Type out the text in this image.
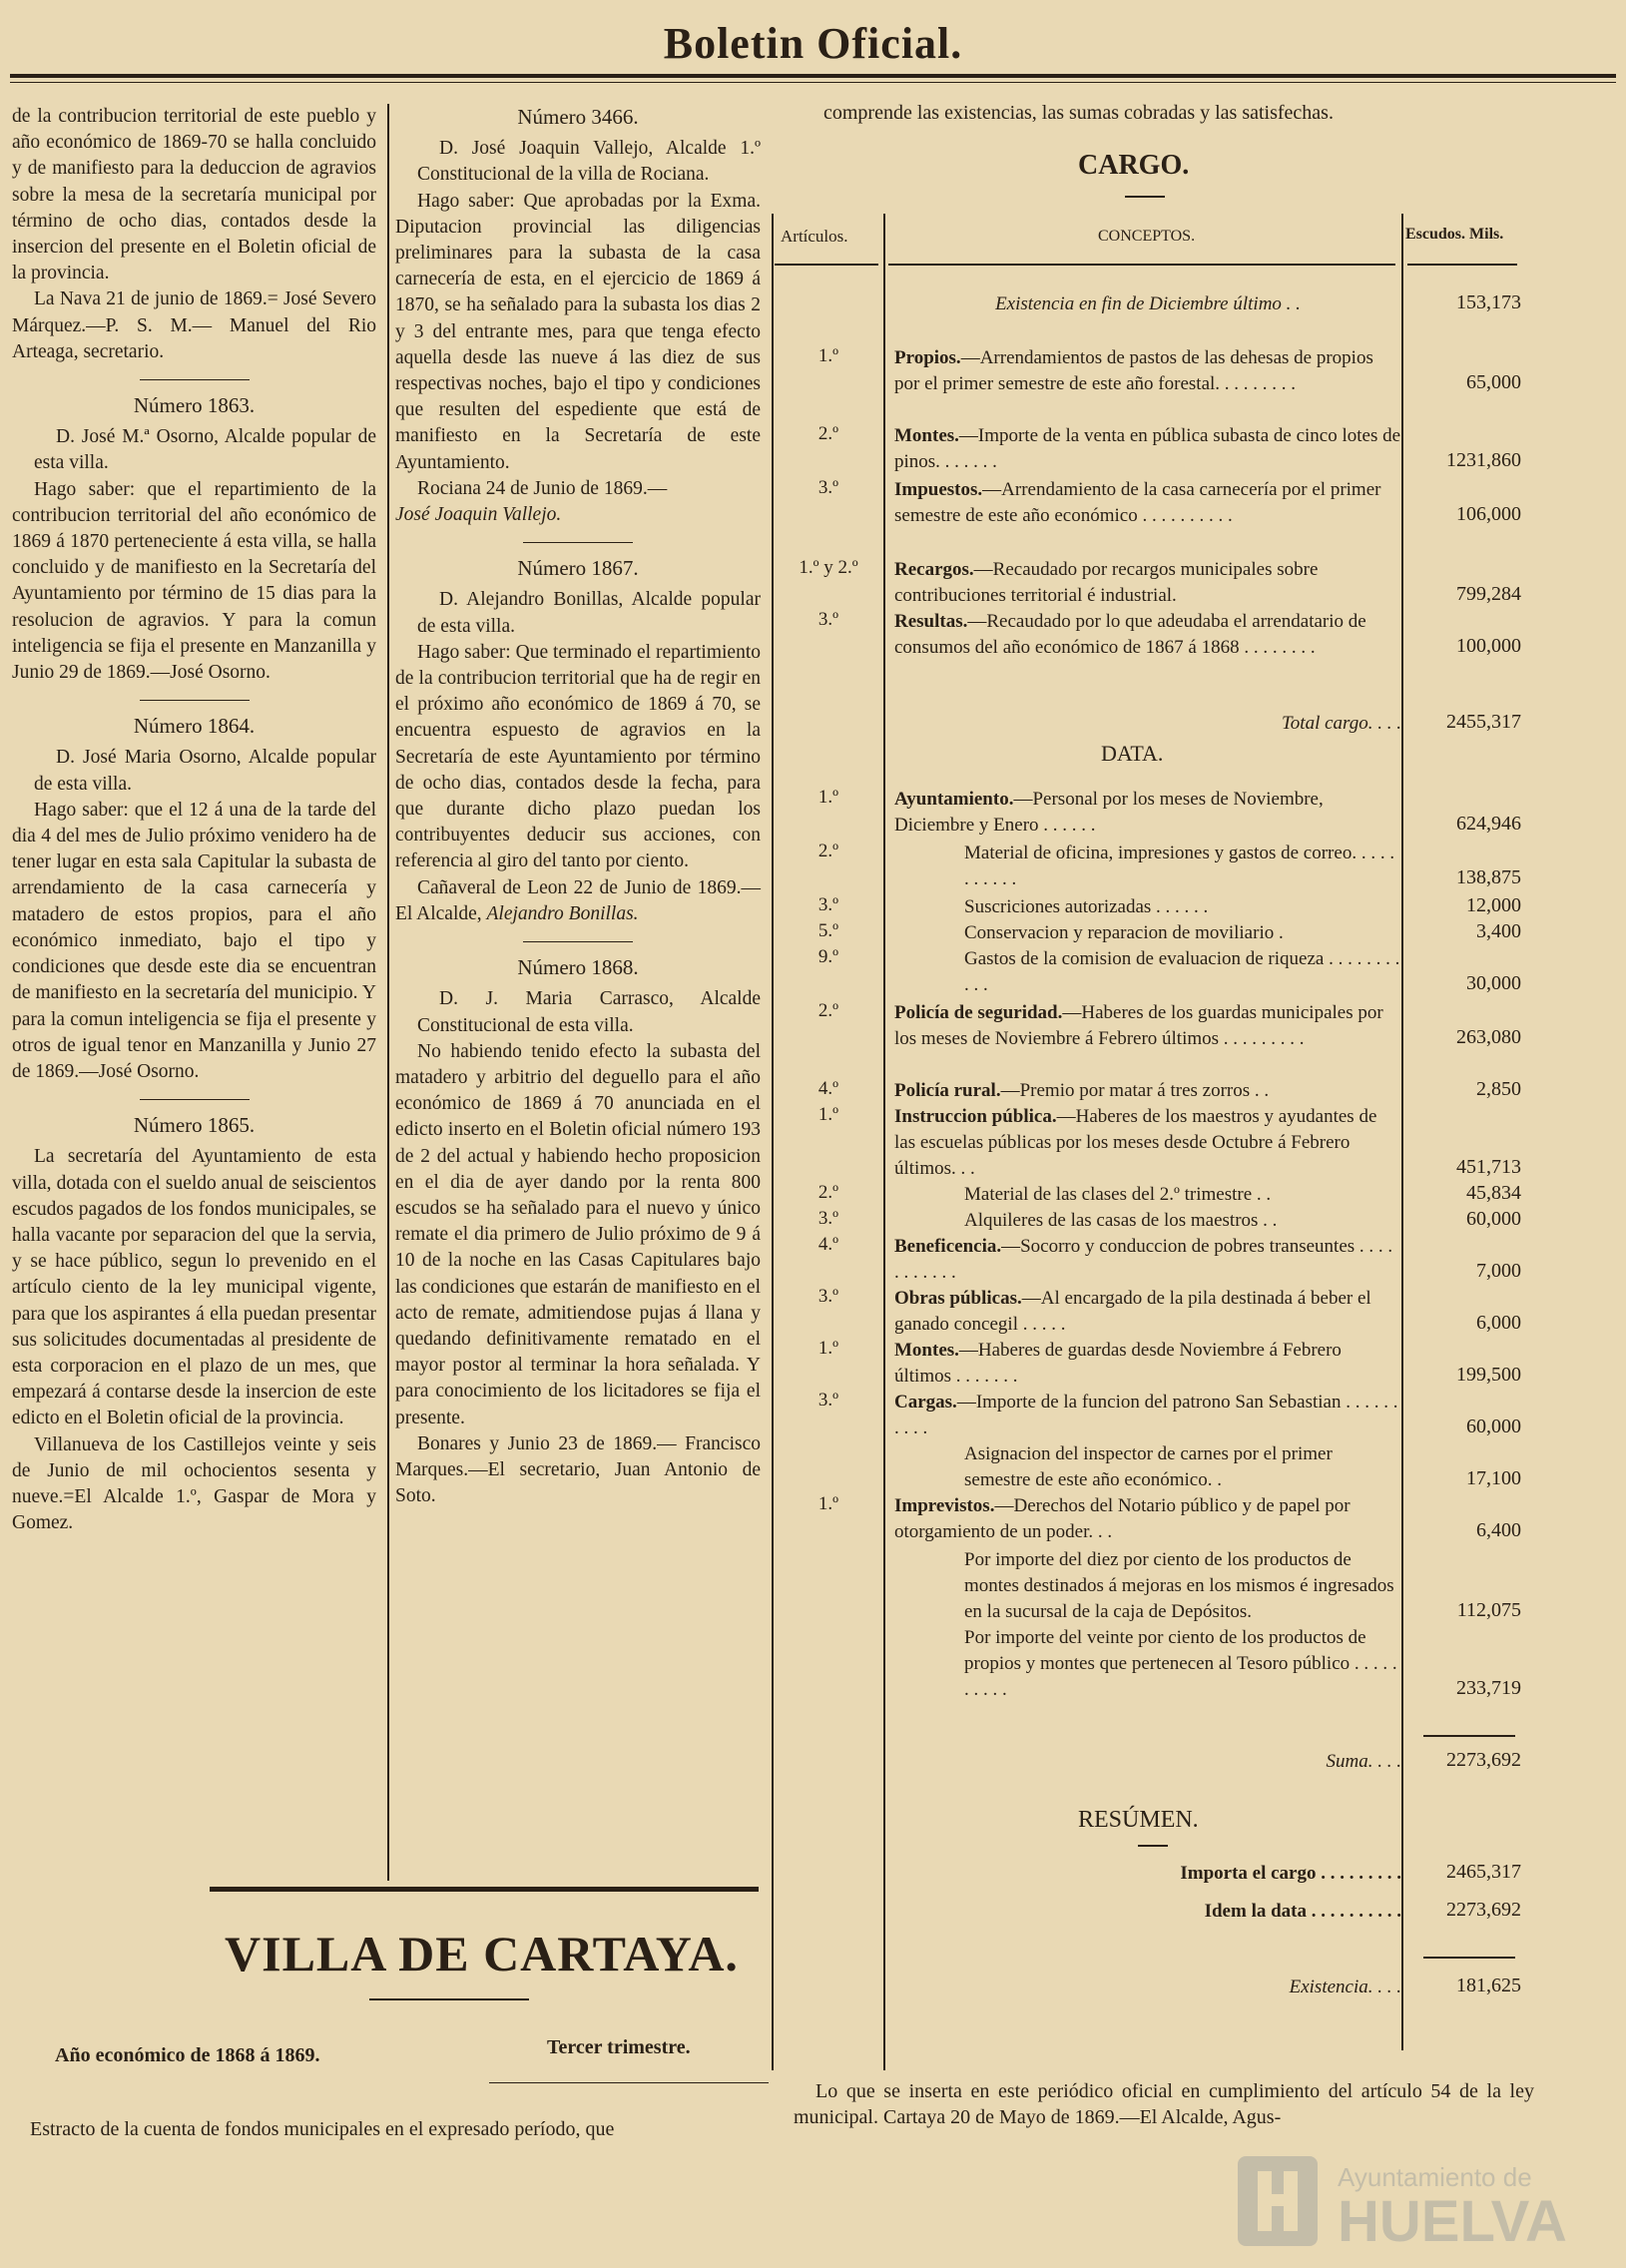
Boletin Oficial.

de la contribucion territorial de este pueblo y año económico de 1869-70 se halla concluido y de manifiesto para la deduccion de agravios sobre la mesa de la secretaría municipal por término de ocho dias, contados desde la insercion del presente en el Boletin oficial de la provincia.

La Nava 21 de junio de 1869.= José Severo Márquez.—P. S. M.— Manuel del Rio Arteaga, secretario.

Número 1863.

D. José M.ª Osorno, Alcalde popular de esta villa.

Hago saber: que el repartimiento de la contribucion territorial del año económico de 1869 á 1870 perteneciente á esta villa, se halla concluido y de manifiesto en la Secretaría del Ayuntamiento por término de 15 dias para la resolucion de agravios. Y para la comun inteligencia se fija el presente en Manzanilla y Junio 29 de 1869.—José Osorno.

Número 1864.

D. José Maria Osorno, Alcalde popular de esta villa.

Hago saber: que el 12 á una de la tarde del dia 4 del mes de Julio próximo venidero ha de tener lugar en esta sala Capitular la subasta de arrendamiento de la casa carnecería y matadero de estos propios, para el año económico inmediato, bajo el tipo y condiciones que desde este dia se encuentran de manifiesto en la secretaría del municipio. Y para la comun inteligencia se fija el presente y otros de igual tenor en Manzanilla y Junio 27 de 1869.—José Osorno.

Número 1865.

La secretaría del Ayuntamiento de esta villa, dotada con el sueldo anual de seiscientos escudos pagados de los fondos municipales, se halla vacante por separacion del que la servia, y se hace público, segun lo prevenido en el artículo ciento de la ley municipal vigente, para que los aspirantes á ella puedan presentar sus solicitudes documentadas al presidente de esta corporacion en el plazo de un mes, que empezará á contarse desde la insercion de este edicto en el Boletin oficial de la provincia.

Villanueva de los Castillejos veinte y seis de Junio de mil ochocientos sesenta y nueve.=El Alcalde 1.º, Gaspar de Mora y Gomez.

Número 3466.

D. José Joaquin Vallejo, Alcalde 1.º Constitucional de la villa de Rociana.

Hago saber: Que aprobadas por la Exma. Diputacion provincial las diligencias preliminares para la subasta de la casa carnecería de esta, en el ejercicio de 1869 á 1870, se ha señalado para la subasta los dias 2 y 3 del entrante mes, para que tenga efecto aquella desde las nueve á las diez de sus respectivas noches, bajo el tipo y condiciones que resulten del espediente que está de manifiesto en la Secretaría de este Ayuntamiento.

Rociana 24 de Junio de 1869.—

José Joaquin Vallejo.

Número 1867.

D. Alejandro Bonillas, Alcalde popular de esta villa.

Hago saber: Que terminado el repartimiento de la contribucion territorial que ha de regir en el próximo año económico de 1869 á 70, se encuentra espuesto de agravios en la Secretaría de este Ayuntamiento por término de ocho dias, contados desde la fecha, para que durante dicho plazo puedan los contribuyentes deducir sus acciones, con referencia al giro del tanto por ciento.

Cañaveral de Leon 22 de Junio de 1869.—El Alcalde, Alejandro Bonillas.

Número 1868.

D. J. Maria Carrasco, Alcalde Constitucional de esta villa.

No habiendo tenido efecto la subasta del matadero y arbitrio del deguello para el año económico de 1869 á 70 anunciada en el edicto inserto en el Boletin oficial número 193 de 2 del actual y habiendo hecho proposicion en el dia de ayer dando por la renta 800 escudos se ha señalado para el nuevo y único remate el dia primero de Julio próximo de 9 á 10 de la noche en las Casas Capitulares bajo las condiciones que estarán de manifiesto en el acto de remate, admitiendose pujas á llana y quedando definitivamente rematado en el mayor postor al terminar la hora señalada. Y para conocimiento de los licitadores se fija el presente.

Bonares y Junio 23 de 1869.— Francisco Marques.—El secretario, Juan Antonio de Soto.

VILLA DE CARTAYA.
Año económico de 1868 á 1869.	Tercer trimestre.
Estracto de la cuenta de fondos municipales en el expresado período, que
comprende las existencias, las sumas cobradas y las satisfechas.
CARGO.
Artículos.	CONCEPTOS.	Escudos. Mils.
Existencia en fin de Diciembre último . .	153,173
1.º	Propios.—Arrendamientos de pastos de las dehesas de propios por el primer semestre de este año forestal. . . . . . . . .	65,000
2.º	Montes.—Importe de la venta en pública subasta de cinco lotes de pinos. . . . . . .	1231,860
3.º	Impuestos.—Arrendamiento de la casa carnecería por el primer semestre de este año económico . . . . . . . . . .	106,000
1.º y 2.º	Recargos.—Recaudado por recargos municipales sobre contribuciones territorial é industrial.	799,284
3.º	Resultas.—Recaudado por lo que adeudaba el arrendatario de consumos del año económico de 1867 á 1868 . . . . . . . .	100,000
Total cargo. . . .	2455,317
DATA.
1.º	Ayuntamiento.—Personal por los meses de Noviembre, Diciembre y Enero . . . . . .	624,946
2.º	Material de oficina, impresiones y gastos de correo. . . . . . . . . . .	138,875
3.º	Suscriciones autorizadas . . . . . .	12,000
5.º	Conservacion y reparacion de moviliario .	3,400
9.º	Gastos de la comision de evaluacion de riqueza . . . . . . . . . . .	30,000
2.º	Policía de seguridad.—Haberes de los guardas municipales por los meses de Noviembre á Febrero últimos . . . . . . . . .	263,080
4.º	Policía rural.—Premio por matar á tres zorros . .	2,850
1.º	Instruccion pública.—Haberes de los maestros y ayudantes de las escuelas públicas por los meses desde Octubre á Febrero últimos. . .	451,713
2.º	Material de las clases del 2.º trimestre . .	45,834
3.º	Alquileres de las casas de los maestros . .	60,000
4.º	Beneficencia.—Socorro y conduccion de pobres transeuntes . . . . . . . . . . .	7,000
3.º	Obras públicas.—Al encargado de la pila destinada á beber el ganado concegil . . . . .	6,000
1.º	Montes.—Haberes de guardas desde Noviembre á Febrero últimos . . . . . . .	199,500
3.º	Cargas.—Importe de la funcion del patrono San Sebastian . . . . . . . . . .	60,000
Asignacion del inspector de carnes por el primer semestre de este año económico. .	17,100
1.º	Imprevistos.—Derechos del Notario público y de papel por otorgamiento de un poder. . .	6,400
Por importe del diez por ciento de los productos de montes destinados á mejoras en los mismos é ingresados en la sucursal de la caja de Depósitos.	112,075
Por importe del veinte por ciento de los productos de propios y montes que pertenecen al Tesoro público . . . . . . . . . .	233,719
Suma. . . .	2273,692
RESÚMEN.
Importa el cargo . . . . . . . . .	2465,317
Idem la data . . . . . . . . . .	2273,692
Existencia. . . .	181,625
Lo que se inserta en este periódico oficial en cumplimiento del artículo 54 de la ley municipal. Cartaya 20 de Mayo de 1869.—El Alcalde, Agus-
Ayuntamiento de
HUELVA
